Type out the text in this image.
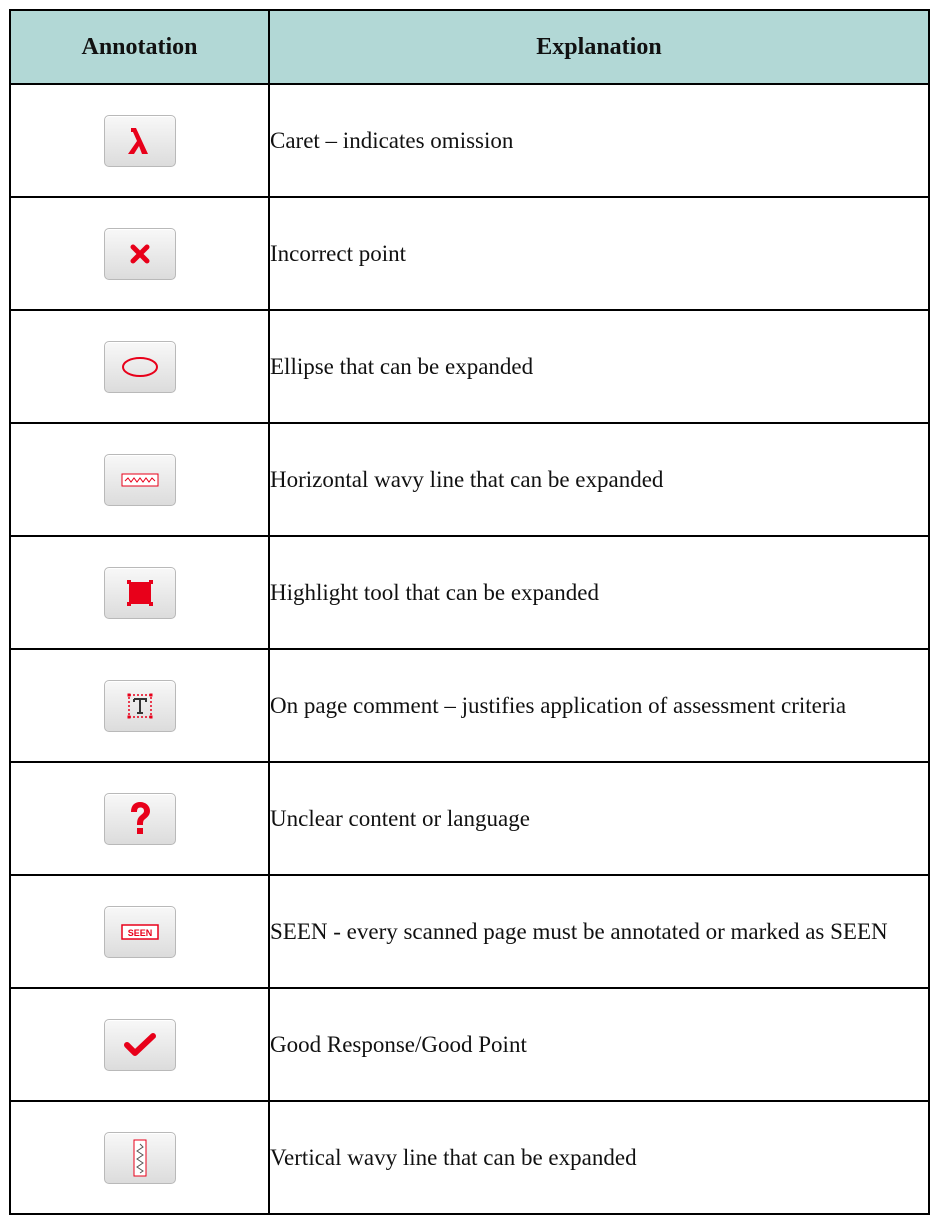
Annotation	Explanation

	Caret – indicates omission

	Incorrect point

	Ellipse that can be expanded

	Horizontal wavy line that can be expanded

	Highlight tool that can be expanded

	On page comment – justifies application of assessment criteria

	Unclear content or language

SEEN	SEEN - every scanned page must be annotated or marked as SEEN

	Good Response/Good Point

	Vertical wavy line that can be expanded
